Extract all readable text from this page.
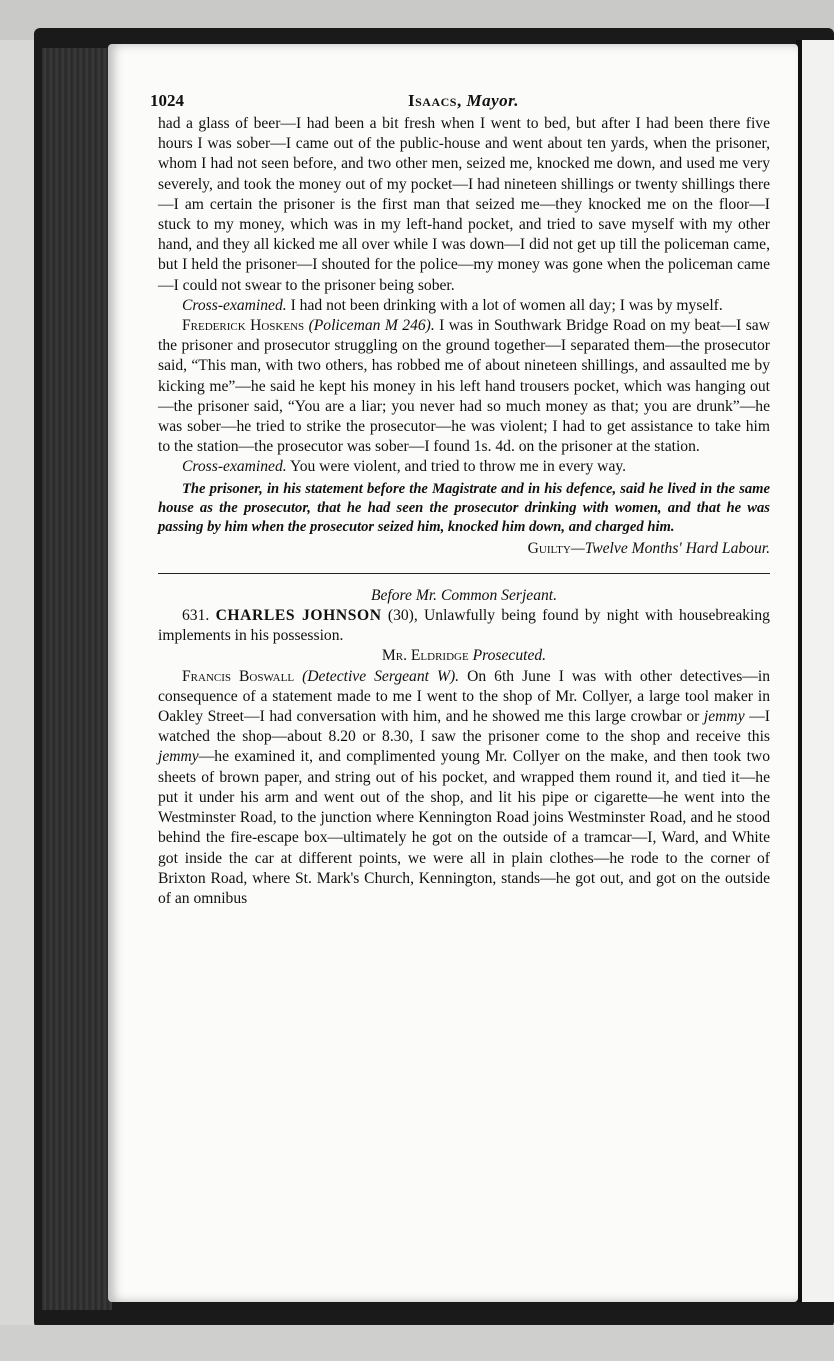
1024	Isaacs, Mayor.

had a glass of beer—I had been a bit fresh when I went to bed, but after I had been there five hours I was sober—I came out of the public-house and went about ten yards, when the prisoner, whom I had not seen before, and two other men, seized me, knocked me down, and used me very severely, and took the money out of my pocket—I had nineteen shillings or twenty shillings there—I am certain the prisoner is the first man that seized me—they knocked me on the floor—I stuck to my money, which was in my left-hand pocket, and tried to save myself with my other hand, and they all kicked me all over while I was down—I did not get up till the policeman came, but I held the prisoner—I shouted for the police—my money was gone when the policeman came—I could not swear to the prisoner being sober.

Cross-examined. I had not been drinking with a lot of women all day; I was by myself.

Frederick Hoskens (Policeman M 246). I was in Southwark Bridge Road on my beat—I saw the prisoner and prosecutor struggling on the ground together—I separated them—the prosecutor said, “This man, with two others, has robbed me of about nineteen shillings, and assaulted me by kicking me”—he said he kept his money in his left hand trousers pocket, which was hanging out—the prisoner said, “You are a liar; you never had so much money as that; you are drunk”—he was sober—he tried to strike the prosecutor—he was violent; I had to get assistance to take him to the station—the prosecutor was sober—I found 1s. 4d. on the prisoner at the station.

Cross-examined. You were violent, and tried to throw me in every way.

The prisoner, in his statement before the Magistrate and in his defence, said he lived in the same house as the prosecutor, that he had seen the prosecutor drinking with women, and that he was passing by him when the prosecutor seized him, knocked him down, and charged him.

Guilty—Twelve Months' Hard Labour.

Before Mr. Common Serjeant.

631. CHARLES JOHNSON (30), Unlawfully being found by night with housebreaking implements in his possession.

Mr. Eldridge Prosecuted.

Francis Boswall (Detective Sergeant W). On 6th June I was with other detectives—in consequence of a statement made to me I went to the shop of Mr. Collyer, a large tool maker in Oakley Street—I had conversation with him, and he showed me this large crowbar or jemmy —I watched the shop—about 8.20 or 8.30, I saw the prisoner come to the shop and receive this jemmy—he examined it, and complimented young Mr. Collyer on the make, and then took two sheets of brown paper, and string out of his pocket, and wrapped them round it, and tied it—he put it under his arm and went out of the shop, and lit his pipe or cigarette—he went into the Westminster Road, to the junction where Kennington Road joins Westminster Road, and he stood behind the fire-escape box—ultimately he got on the outside of a tramcar—I, Ward, and White got inside the car at different points, we were all in plain clothes—he rode to the corner of Brixton Road, where St. Mark's Church, Kennington, stands—he got out, and got on the outside of an omnibus
